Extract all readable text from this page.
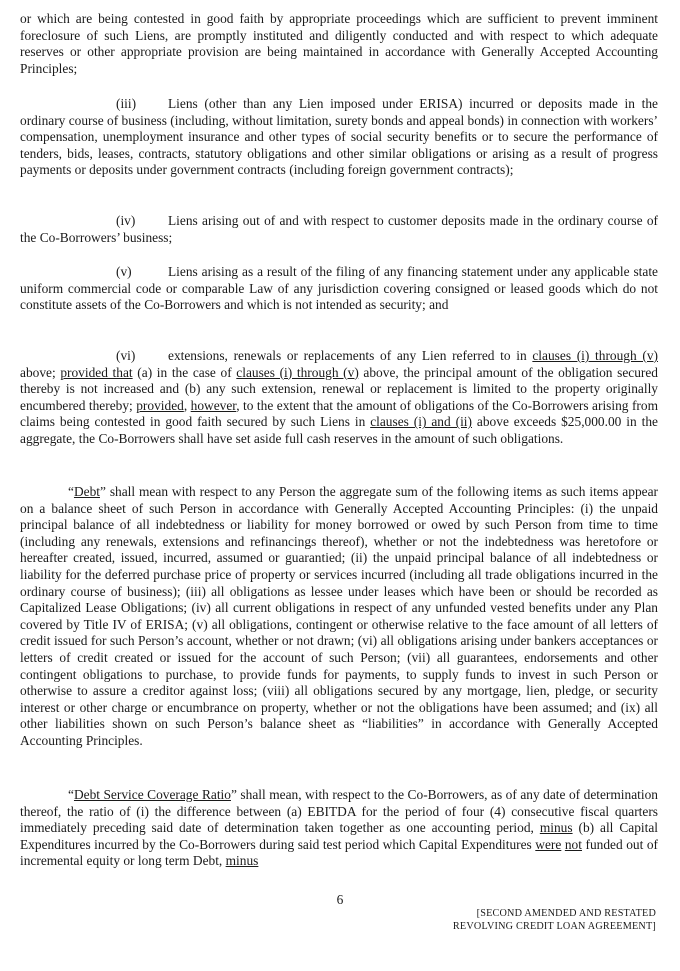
or which are being contested in good faith by appropriate proceedings which are sufficient to prevent imminent foreclosure of such Liens, are promptly instituted and diligently conducted and with respect to which adequate reserves or other appropriate provision are being maintained in accordance with Generally Accepted Accounting Principles;

(iii) Liens (other than any Lien imposed under ERISA) incurred or deposits made in the ordinary course of business (including, without limitation, surety bonds and appeal bonds) in connection with workers’ compensation, unemployment insurance and other types of social security benefits or to secure the performance of tenders, bids, leases, contracts, statutory obligations and other similar obligations or arising as a result of progress payments or deposits under government contracts (including foreign government contracts);

(iv) Liens arising out of and with respect to customer deposits made in the ordinary course of the Co-Borrowers’ business;

(v)	Liens arising as a result of the filing of any financing statement under any applicable state uniform commercial code or comparable Law of any jurisdiction covering consigned or leased goods which do not constitute assets of the Co-Borrowers and which is not intended as security; and

(vi) extensions, renewals or replacements of any Lien referred to in clauses (i) through (v) above; provided that (a) in the case of clauses (i) through (v) above, the principal amount of the obligation secured thereby is not increased and (b) any such extension, renewal or replacement is limited to the property originally encumbered thereby; provided, however, to the extent that the amount of obligations of the Co-Borrowers arising from claims being contested in good faith secured by such Liens in clauses (i) and (ii) above exceeds $25,000.00 in the aggregate, the Co-Borrowers shall have set aside full cash reserves in the amount of such obligations.

“Debt” shall mean with respect to any Person the aggregate sum of the following items as such items appear on a balance sheet of such Person in accordance with Generally Accepted Accounting Principles: (i) the unpaid principal balance of all indebtedness or liability for money borrowed or owed by such Person from time to time (including any renewals, extensions and refinancings thereof), whether or not the indebtedness was heretofore or hereafter created, issued, incurred, assumed or guarantied; (ii) the unpaid principal balance of all indebtedness or liability for the deferred purchase price of property or services incurred (including all trade obligations incurred in the ordinary course of business); (iii) all obligations as lessee under leases which have been or should be recorded as Capitalized Lease Obligations; (iv) all current obligations in respect of any unfunded vested benefits under any Plan covered by Title IV of ERISA; (v) all obligations, contingent or otherwise relative to the face amount of all letters of credit issued for such Person’s account, whether or not drawn; (vi) all obligations arising under bankers acceptances or letters of credit created or issued for the account of such Person; (vii) all guarantees, endorsements and other contingent obligations to purchase, to provide funds for payments, to supply funds to invest in such Person or otherwise to assure a creditor against loss; (viii) all obligations secured by any mortgage, lien, pledge, or security interest or other charge or encumbrance on property, whether or not the obligations have been assumed; and (ix) all other liabilities shown on such Person’s balance sheet as “liabilities” in accordance with Generally Accepted Accounting Principles.

“Debt Service Coverage Ratio” shall mean, with respect to the Co-Borrowers, as of any date of determination thereof, the ratio of (i) the difference between (a) EBITDA for the period of four (4) consecutive fiscal quarters immediately preceding said date of determination taken together as one accounting period, minus (b) all Capital Expenditures incurred by the Co-Borrowers during said test period which Capital Expenditures were not funded out of incremental equity or long term Debt, minus

6
[SECOND AMENDED AND RESTATED
REVOLVING CREDIT LOAN AGREEMENT]
